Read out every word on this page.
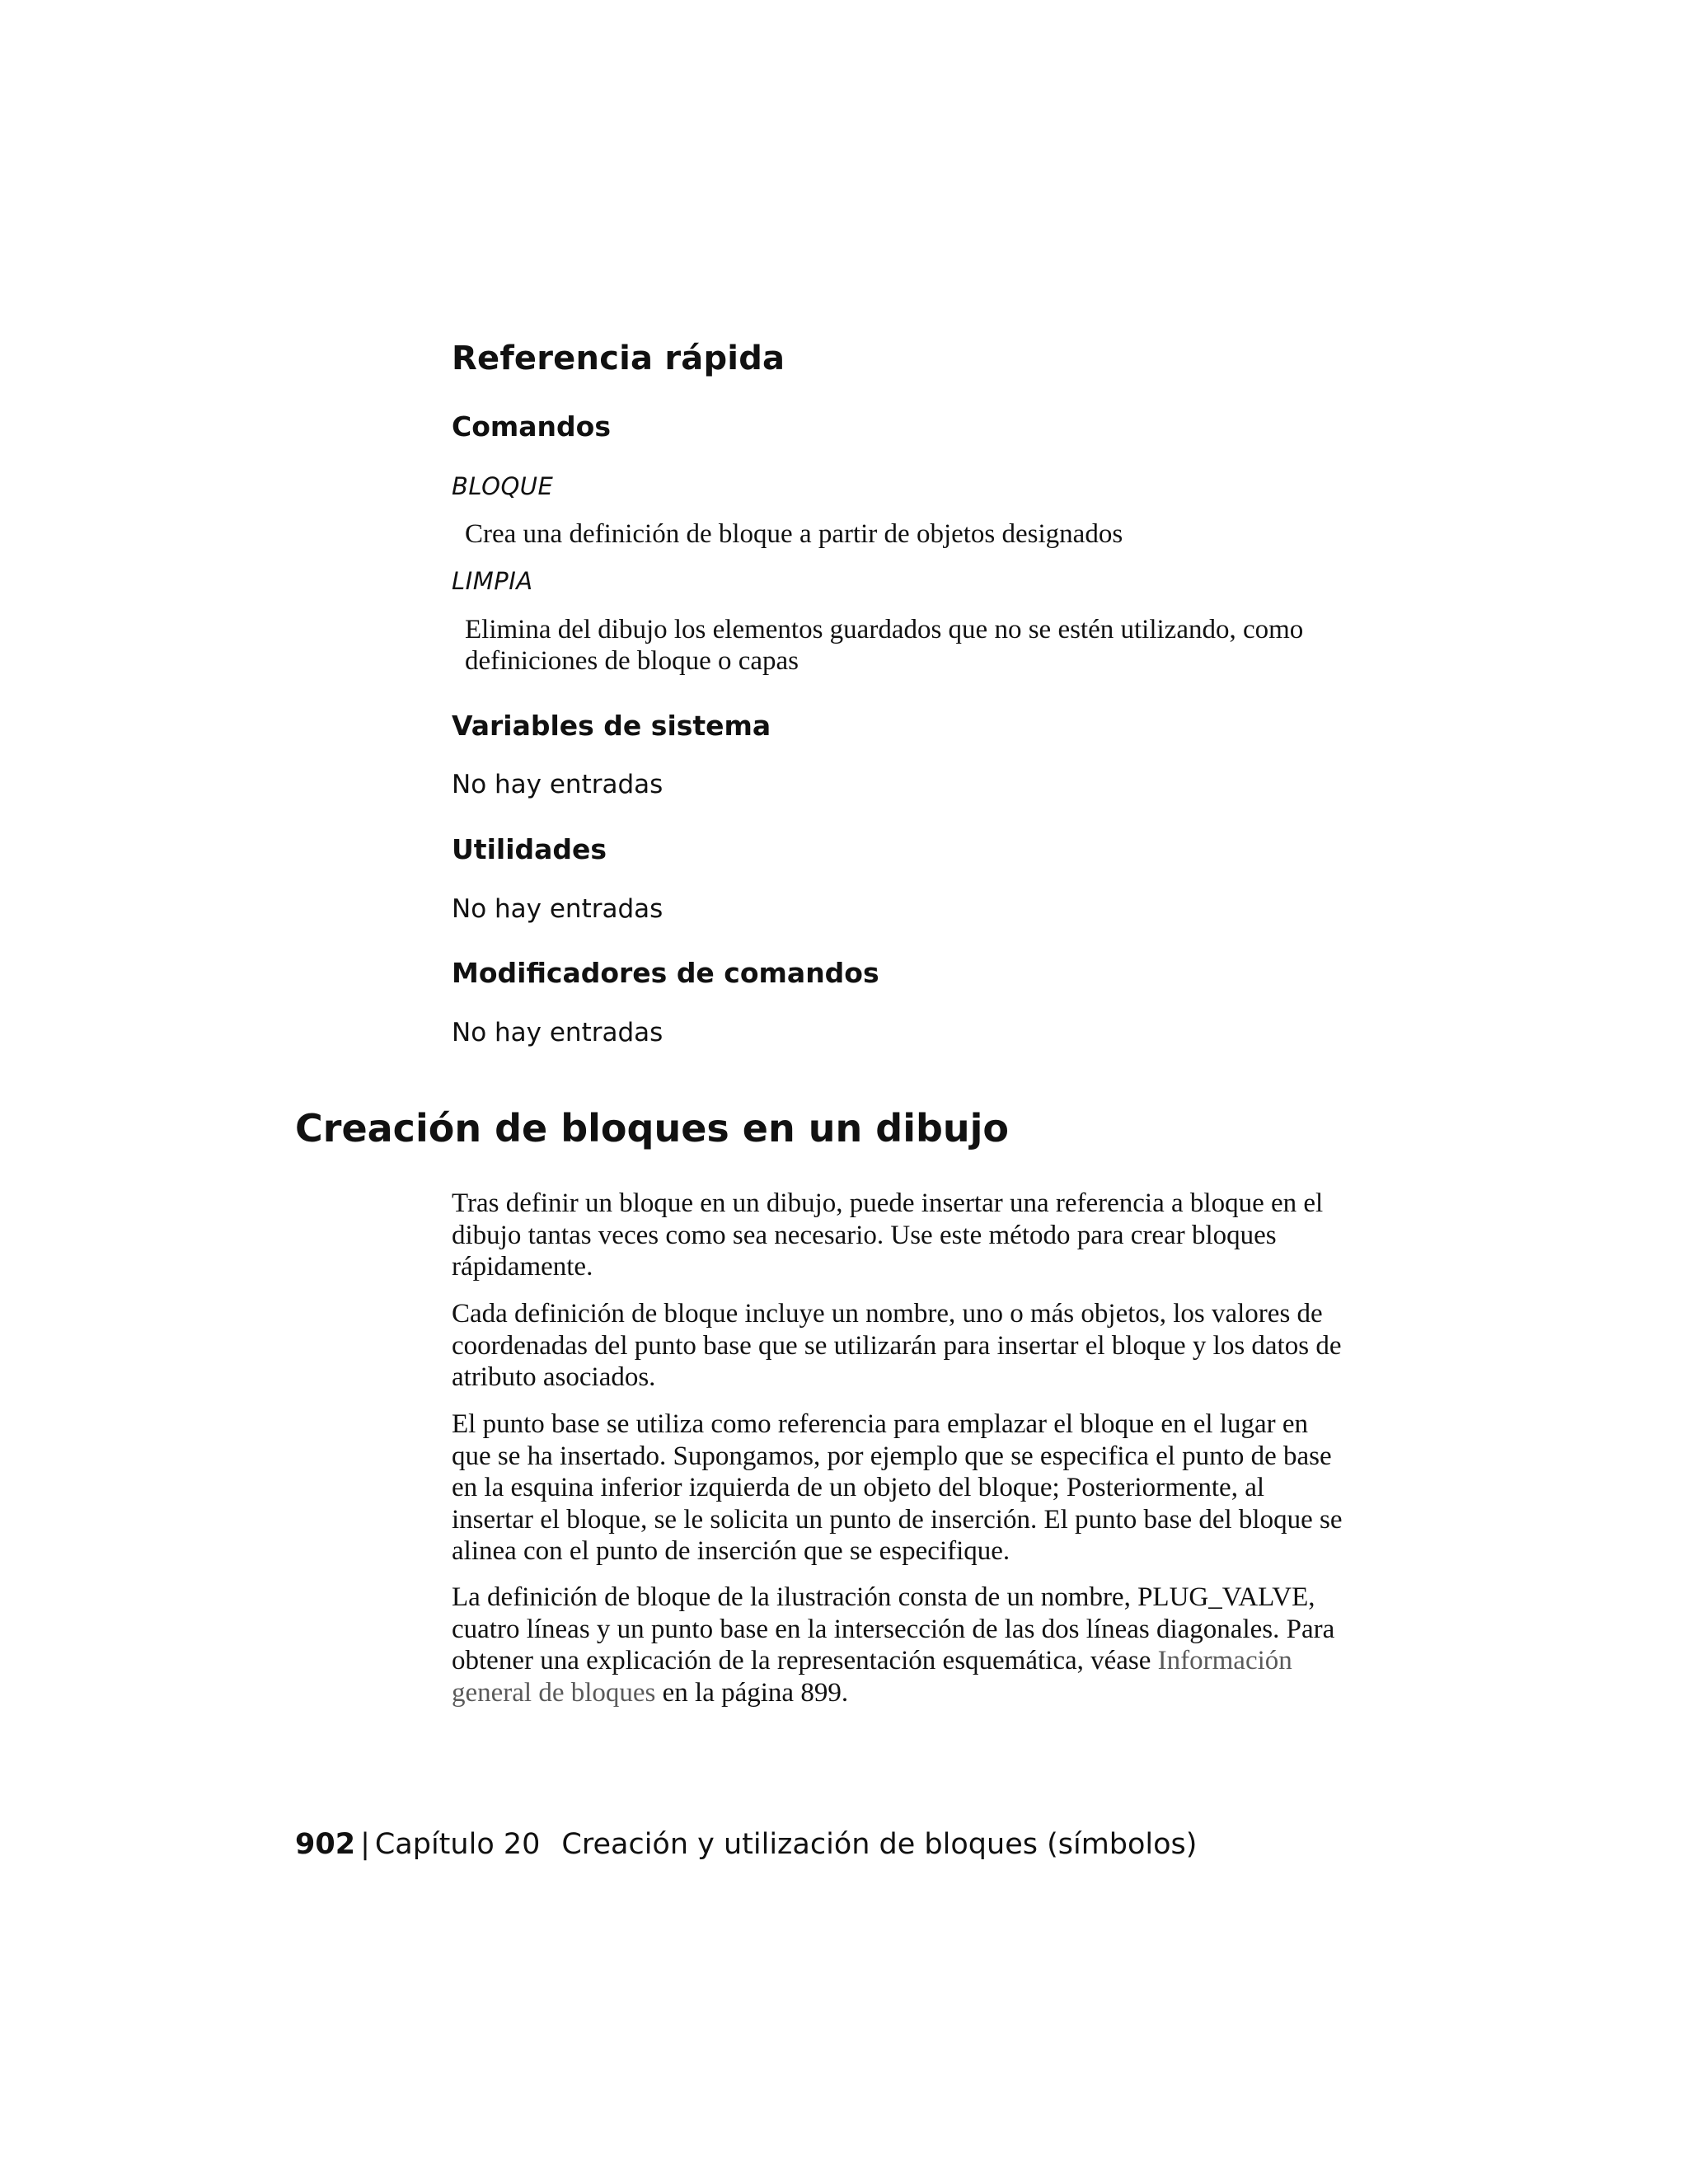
Referencia rápida
Comandos
BLOQUE

Crea una definición de bloque a partir de objetos designados

LIMPIA

Elimina del dibujo los elementos guardados que no se estén utilizando, como definiciones de bloque o capas

Variables de sistema

No hay entradas

Utilidades

No hay entradas

Modificadores de comandos

No hay entradas

Creación de bloques en un dibujo

Tras definir un bloque en un dibujo, puede insertar una referencia a bloque en el dibujo tantas veces como sea necesario. Use este método para crear bloques rápidamente.

Cada definición de bloque incluye un nombre, uno o más objetos, los valores de coordenadas del punto base que se utilizarán para insertar el bloque y los datos de atributo asociados.

El punto base se utiliza como referencia para emplazar el bloque en el lugar en que se ha insertado. Supongamos, por ejemplo que se especifica el punto de base en la esquina inferior izquierda de un objeto del bloque; Posteriormente, al insertar el bloque, se le solicita un punto de inserción. El punto base del bloque se alinea con el punto de inserción que se especifique.

La definición de bloque de la ilustración consta de un nombre, PLUG_VALVE, cuatro líneas y un punto base en la intersección de las dos líneas diagonales. Para obtener una explicación de la representación esquemática, véase Información general de bloques en la página 899.

902 | Capítulo 20 Creación y utilización de bloques (símbolos)
